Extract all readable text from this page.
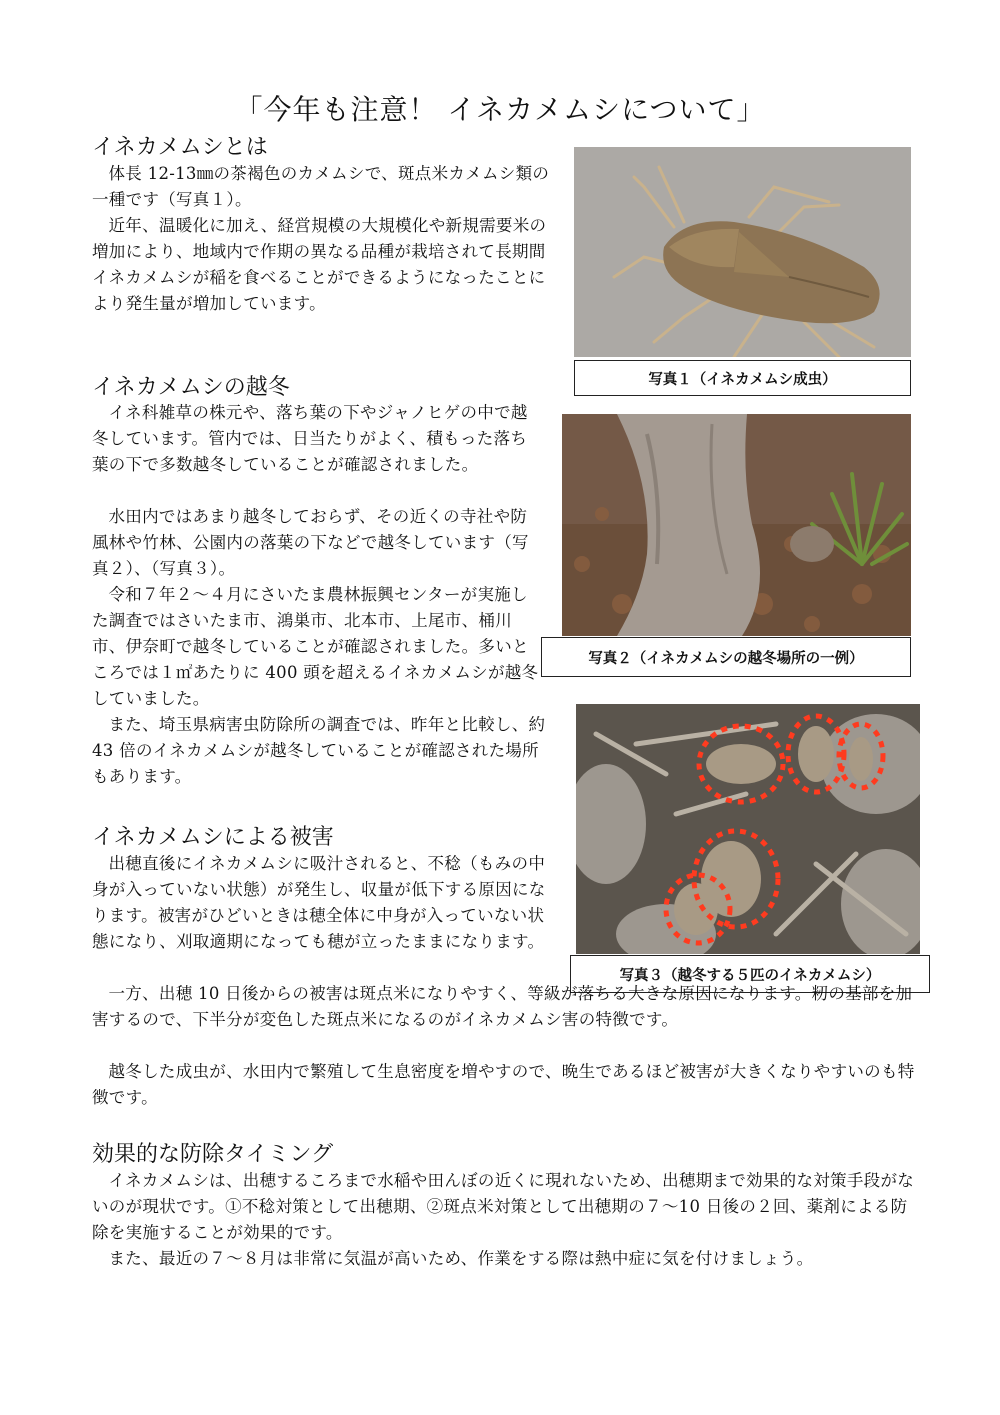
「今年も注意！ イネカメムシについて」
イネカメムシとは

体長 12-13㎜の茶褐色のカメムシで、斑点米カメムシ類の一種です（写真１）。

近年、温暖化に加え、経営規模の大規模化や新規需要米の増加により、地域内で作期の異なる品種が栽培されて長期間イネカメムシが稲を食べることができるようになったことにより発生量が増加しています。

写真１（イネカメムシ成虫）
イネカメムシの越冬

イネ科雑草の株元や、落ち葉の下やジャノヒゲの中で越冬しています。管内では、日当たりがよく、積もった落ち葉の下で多数越冬していることが確認されました。

水田内ではあまり越冬しておらず、その近くの寺社や防風林や竹林、公園内の落葉の下などで越冬しています（写真２）、（写真３）。

令和７年２～４月にさいたま農林振興センターが実施した調査ではさいたま市、鴻巣市、北本市、上尾市、桶川市、伊奈町で越冬していることが確認されました。多いところでは１㎡あたりに 400 頭を超えるイネカメムシが越冬していました。

また、埼玉県病害虫防除所の調査では、昨年と比較し、約 43 倍のイネカメムシが越冬していることが確認された場所もあります。

写真２（イネカメムシの越冬場所の一例）
写真３（越冬する５匹のイネカメムシ）
イネカメムシによる被害

出穂直後にイネカメムシに吸汁されると、不稔（もみの中身が入っていない状態）が発生し、収量が低下する原因になります。被害がひどいときは穂全体に中身が入っていない状態になり、刈取適期になっても穂が立ったままになります。

一方、出穂 10 日後からの被害は斑点米になりやすく、等級が落ちる大きな原因になります。籾の基部を加害するので、下半分が変色した斑点米になるのがイネカメムシ害の特徴です。

越冬した成虫が、水田内で繁殖して生息密度を増やすので、晩生であるほど被害が大きくなりやすいのも特徴です。

効果的な防除タイミング

イネカメムシは、出穂するころまで水稲や田んぼの近くに現れないため、出穂期まで効果的な対策手段がないのが現状です。①不稔対策として出穂期、②斑点米対策として出穂期の７～10 日後の２回、薬剤による防除を実施することが効果的です。

また、最近の７～８月は非常に気温が高いため、作業をする際は熱中症に気を付けましょう。
